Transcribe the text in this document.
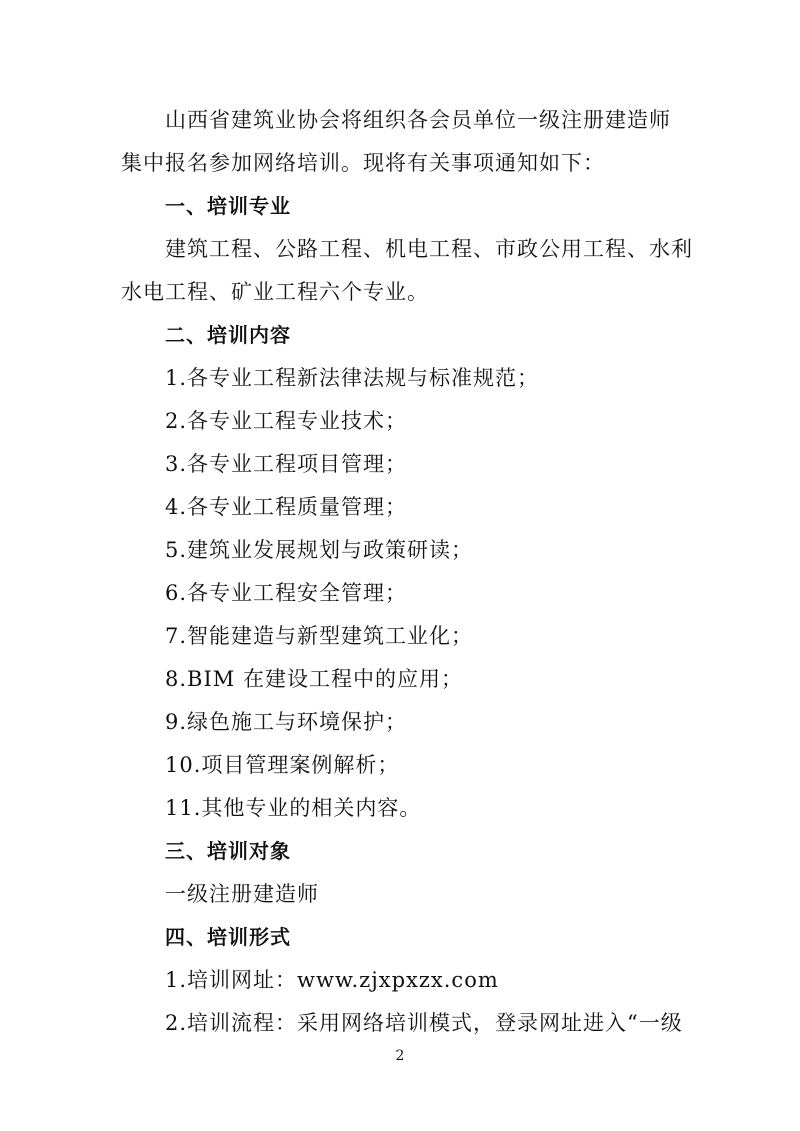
山西省建筑业协会将组织各会员单位一级注册建造师
集中报名参加网络培训。现将有关事项通知如下：
一、培训专业
建筑工程、公路工程、机电工程、市政公用工程、水利
水电工程、矿业工程六个专业。
二、培训内容
1.各专业工程新法律法规与标准规范；
2.各专业工程专业技术；
3.各专业工程项目管理；
4.各专业工程质量管理；
5.建筑业发展规划与政策研读；
6.各专业工程安全管理；
7.智能建造与新型建筑工业化；
8.BIM 在建设工程中的应用；
9.绿色施工与环境保护；
10.项目管理案例解析；
11.其他专业的相关内容。
三、培训对象
一级注册建造师
四、培训形式
1.培训网址：www.zjxpxzx.com
2.培训流程：采用网络培训模式，登录网址进入“一级
2
